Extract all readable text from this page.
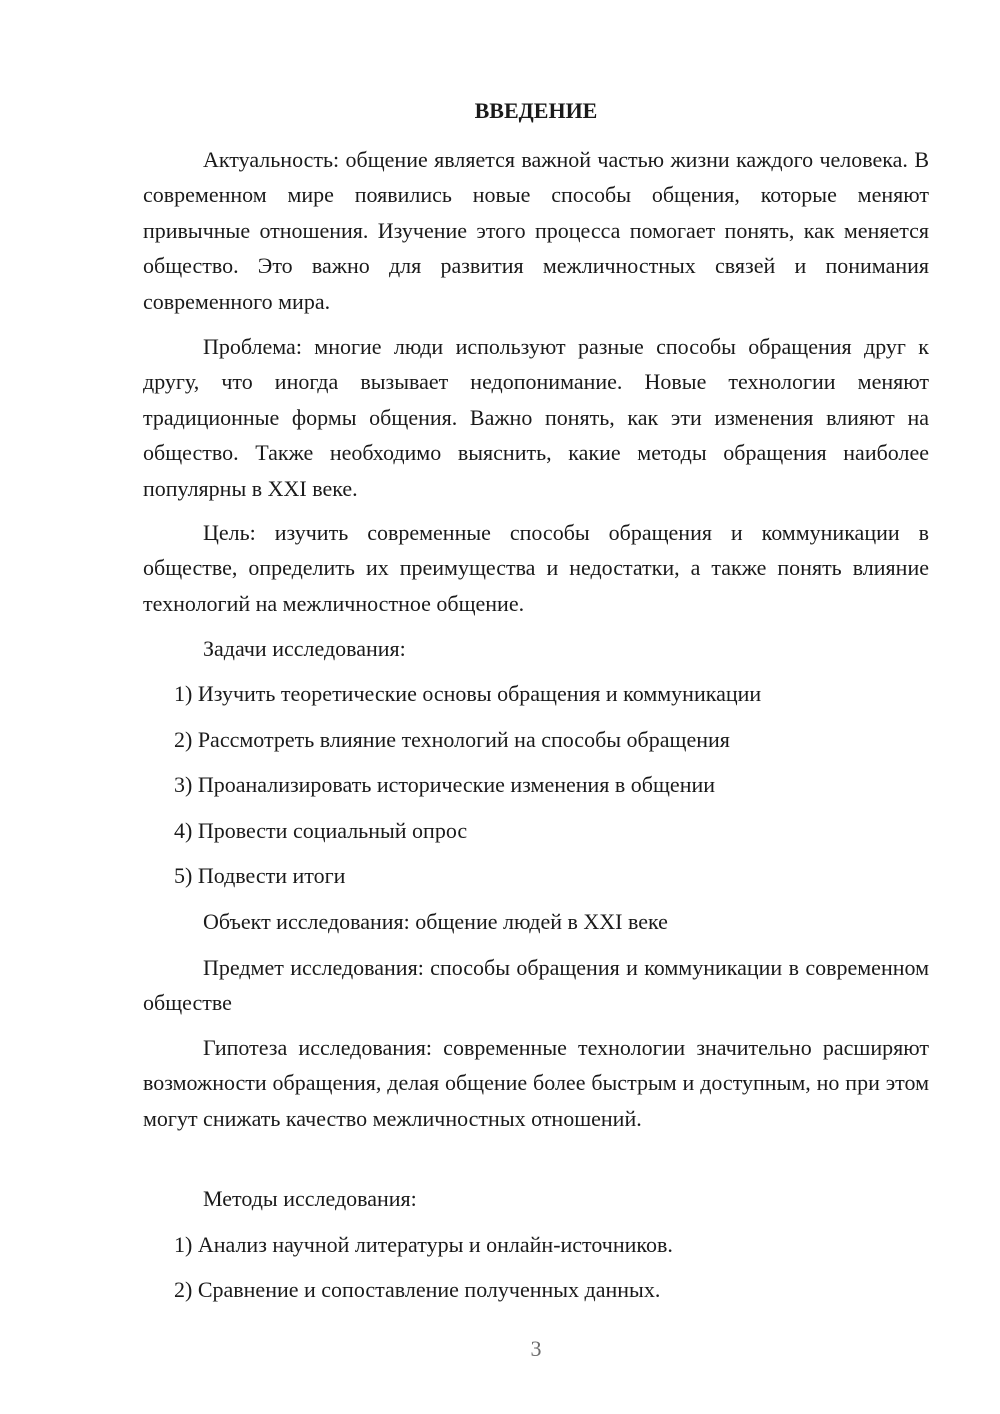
ВВЕДЕНИЕ

Актуальность: общение является важной частью жизни каждого человека. В современном мире появились новые способы общения, которые меняют привычные отношения. Изучение этого процесса помогает понять, как меняется общество. Это важно для развития межличностных связей и понимания современного мира.

Проблема: многие люди используют разные способы обращения друг к другу, что иногда вызывает недопонимание. Новые технологии меняют традиционные формы общения. Важно понять, как эти изменения влияют на общество. Также необходимо выяснить, какие методы обращения наиболее популярны в XXI веке.

Цель: изучить современные способы обращения и коммуникации в обществе, определить их преимущества и недостатки, а также понять влияние технологий на межличностное общение.

Задачи исследования:

1) Изучить теоретические основы обращения и коммуникации

2) Рассмотреть влияние технологий на способы обращения

3) Проанализировать исторические изменения в общении

4) Провести социальный опрос

5) Подвести итоги

Объект исследования: общение людей в XXI веке

Предмет исследования: способы обращения и коммуникации в современном обществе

Гипотеза исследования: современные технологии значительно расширяют возможности обращения, делая общение более быстрым и доступным, но при этом могут снижать качество межличностных отношений.

Методы исследования:

1) Анализ научной литературы и онлайн-источников.

2) Сравнение и сопоставление полученных данных.

3
